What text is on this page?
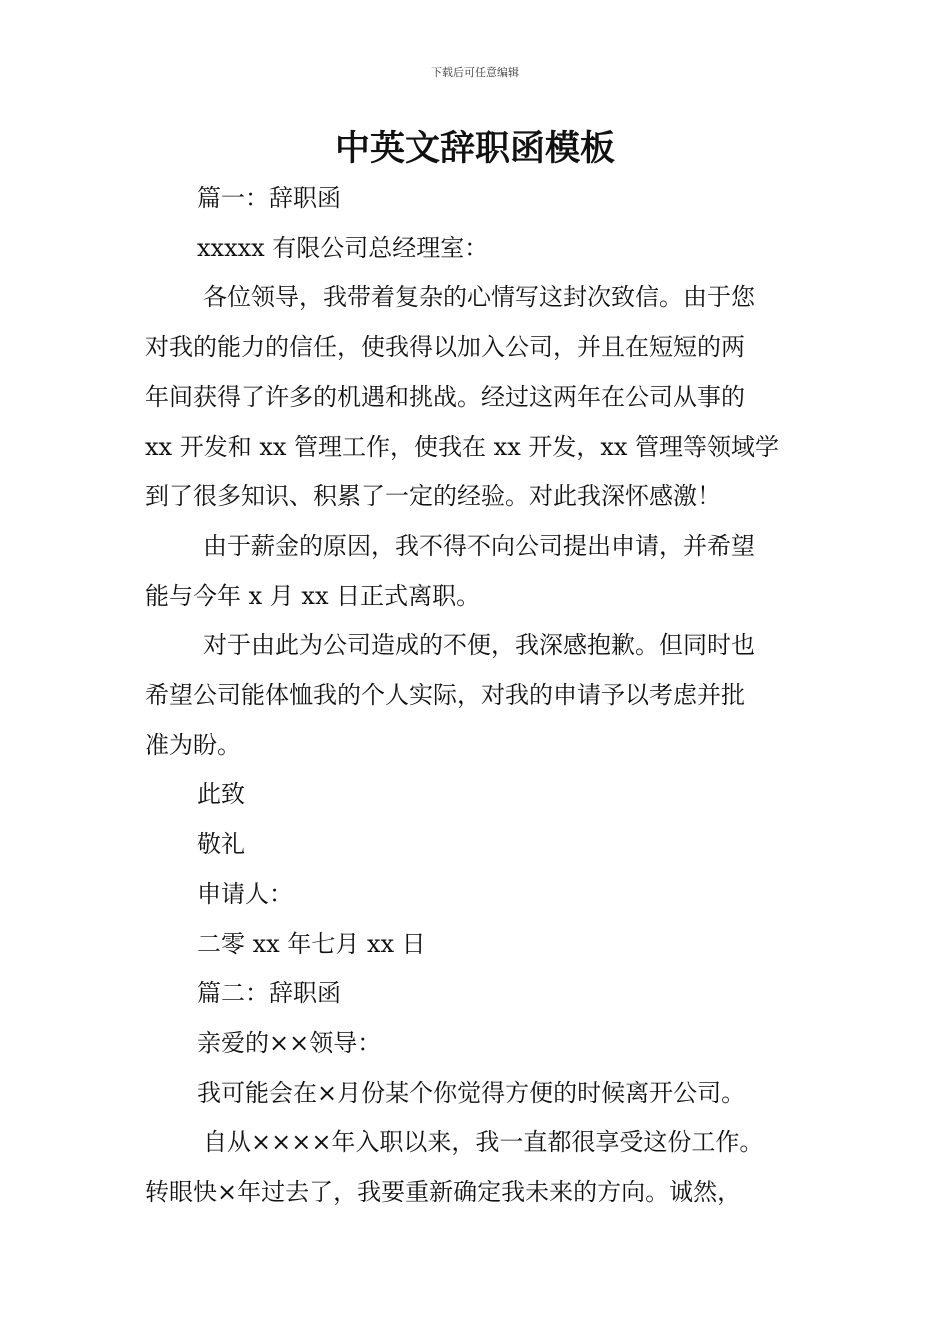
下载后可任意编辑
中英文辞职函模板

篇一：辞职函

xxxxx 有限公司总经理室：

各位领导，我带着复杂的心情写这封次致信。由于您

对我的能力的信任，使我得以加入公司，并且在短短的两

年间获得了许多的机遇和挑战。经过这两年在公司从事的

xx 开发和 xx 管理工作，使我在 xx 开发，xx 管理等领域学

到了很多知识、积累了一定的经验。对此我深怀感激！

由于薪金的原因，我不得不向公司提出申请，并希望

能与今年 x 月 xx 日正式离职。

对于由此为公司造成的不便，我深感抱歉。但同时也

希望公司能体恤我的个人实际，对我的申请予以考虑并批

准为盼。

此致

敬礼

申请人：

二零 xx 年七月 xx 日

篇二：辞职函

亲爱的××领导：

我可能会在×月份某个你觉得方便的时候离开公司。

自从××××年入职以来，我一直都很享受这份工作。

转眼快×年过去了，我要重新确定我未来的方向。诚然，
